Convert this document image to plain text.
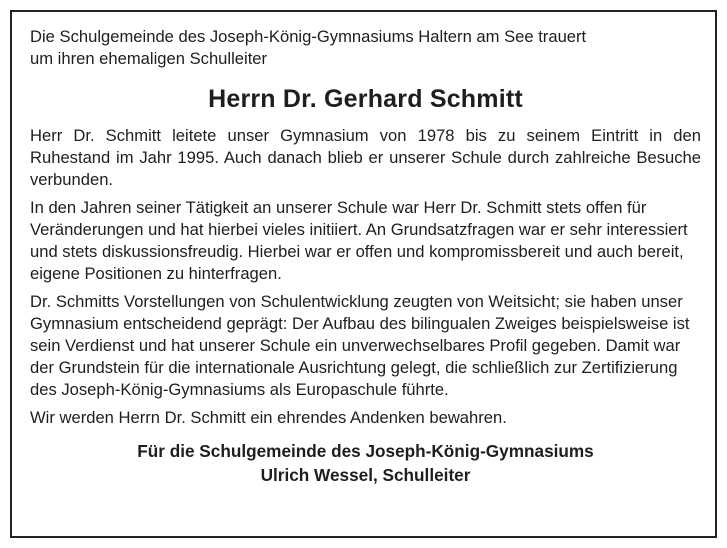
Die Schulgemeinde des Joseph-König-Gymnasiums Haltern am See trauert
um ihren ehemaligen Schulleiter

Herrn Dr. Gerhard Schmitt

Herr Dr. Schmitt leitete unser Gymnasium von 1978 bis zu seinem Eintritt in den Ruhestand im Jahr 1995. Auch danach blieb er unserer Schule durch zahlreiche Besuche verbunden.

In den Jahren seiner Tätigkeit an unserer Schule war Herr Dr. Schmitt stets offen für Veränderungen und hat hierbei vieles initiiert. An Grundsatzfragen war er sehr interessiert und stets diskussionsfreudig. Hierbei war er offen und kompromissbereit und auch bereit, eigene Positionen zu hinterfragen.

Dr. Schmitts Vorstellungen von Schulentwicklung zeugten von Weitsicht; sie haben unser Gymnasium entscheidend geprägt: Der Aufbau des bilingualen Zweiges beispielsweise ist sein Verdienst und hat unserer Schule ein unverwechselbares Profil gegeben. Damit war der Grundstein für die internationale Ausrichtung gelegt, die schließlich zur Zertifizierung des Joseph-König-Gymnasiums als Europaschule führte.

Wir werden Herrn Dr. Schmitt ein ehrendes Andenken bewahren.

Für die Schulgemeinde des Joseph-König-Gymnasiums
Ulrich Wessel, Schulleiter
